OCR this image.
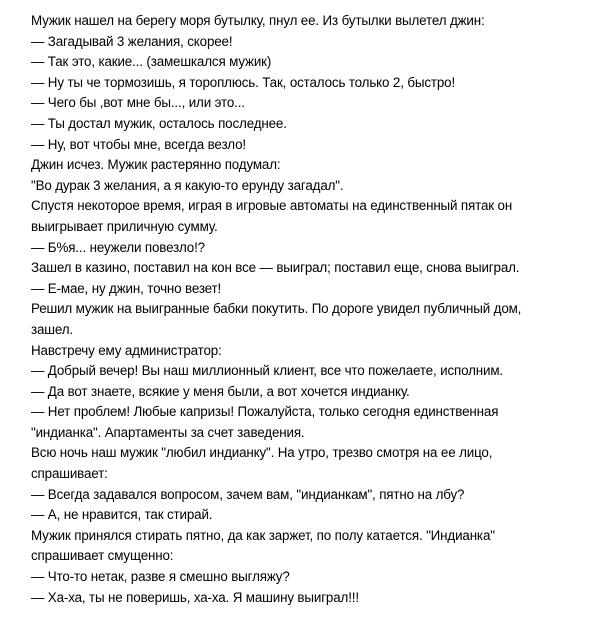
Мужик нашел на берегу моря бутылку, пнул ее. Из бутылки вылетел джин:
— Загадывай 3 желания, скорее!
— Так это, какие... (замешкался мужик)
— Ну ты че тормозишь, я тороплюсь. Так, осталось только 2, быстро!
— Чего бы ,вот мне бы..., или это...
— Ты достал мужик, осталось последнее.
— Ну, вот чтобы мне, всегда везло!
Джин исчез. Мужик растерянно подумал:
"Во дурак 3 желания, а я какую-то ерунду загадал".
Спустя некоторое время, играя в игровые автоматы на единственный пятак он выигрывает приличную сумму.
— Б%я... неужели повезло!?
Зашел в казино, поставил на кон все — выиграл; поставил еще, снова выиграл.
— Е-мае, ну джин, точно везет!
Решил мужик на выигранные бабки покутить. По дороге увидел публичный дом, зашел.
Навстречу ему администратор:
— Добрый вечер! Вы наш миллионный клиент, все что пожелаете, исполним.
— Да вот знаете, всякие у меня были, а вот хочется индианку.
— Нет проблем! Любые капризы! Пожалуйста, только сегодня единственная "индианка". Апартаменты за счет заведения.
Всю ночь наш мужик "любил индианку". На утро, трезво смотря на ее лицо, спрашивает:
— Всегда задавался вопросом, зачем вам, "индианкам", пятно на лбу?
— А, не нравится, так стирай.
Мужик принялся стирать пятно, да как заржет, по полу катается. "Индианка" спрашивает смущенно:
— Что-то нетак, разве я смешно выгляжу?
— Ха-ха, ты не поверишь, ха-ха. Я машину выиграл!!!
